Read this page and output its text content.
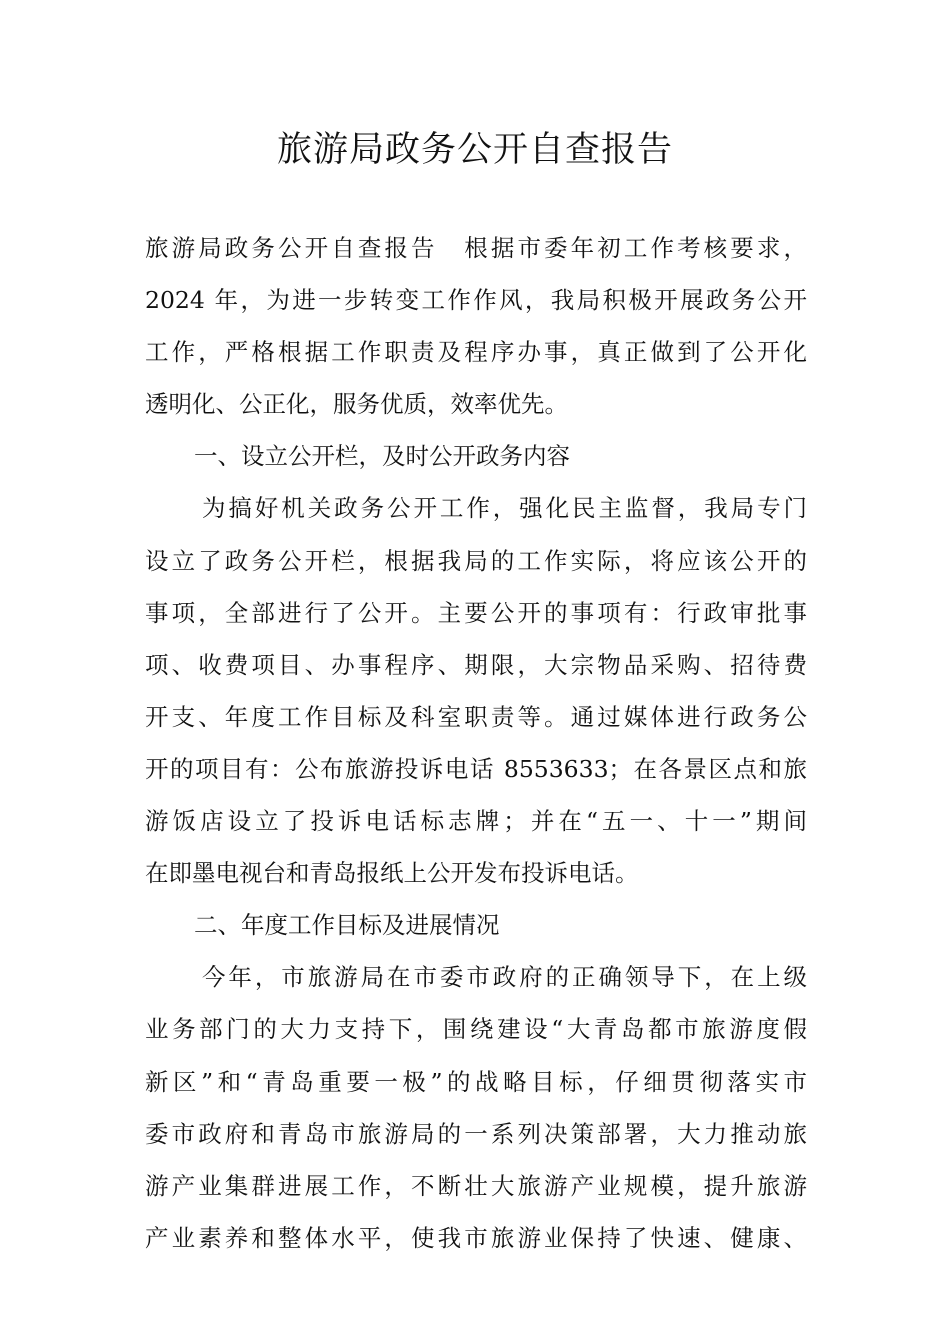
旅游局政务公开自查报告
旅游局政务公开自查报告　根据市委年初工作考核要求，
2024 年，为进一步转变工作作风，我局积极开展政务公开
工作，严格根据工作职责及程序办事，真正做到了公开化
透明化、公正化，服务优质，效率优先。
一、设立公开栏，及时公开政务内容
为搞好机关政务公开工作，强化民主监督，我局专门
设立了政务公开栏，根据我局的工作实际，将应该公开的
事项，全部进行了公开。主要公开的事项有：行政审批事
项、收费项目、办事程序、期限，大宗物品采购、招待费
开支、年度工作目标及科室职责等。通过媒体进行政务公
开的项目有：公布旅游投诉电话 8553633；在各景区点和旅
游饭店设立了投诉电话标志牌；并在“五一、十一”期间
在即墨电视台和青岛报纸上公开发布投诉电话。
二、年度工作目标及进展情况
今年，市旅游局在市委市政府的正确领导下，在上级
业务部门的大力支持下，围绕建设“大青岛都市旅游度假
新区”和“青岛重要一极”的战略目标，仔细贯彻落实市
委市政府和青岛市旅游局的一系列决策部署，大力推动旅
游产业集群进展工作，不断壮大旅游产业规模，提升旅游
产业素养和整体水平，使我市旅游业保持了快速、健康、
